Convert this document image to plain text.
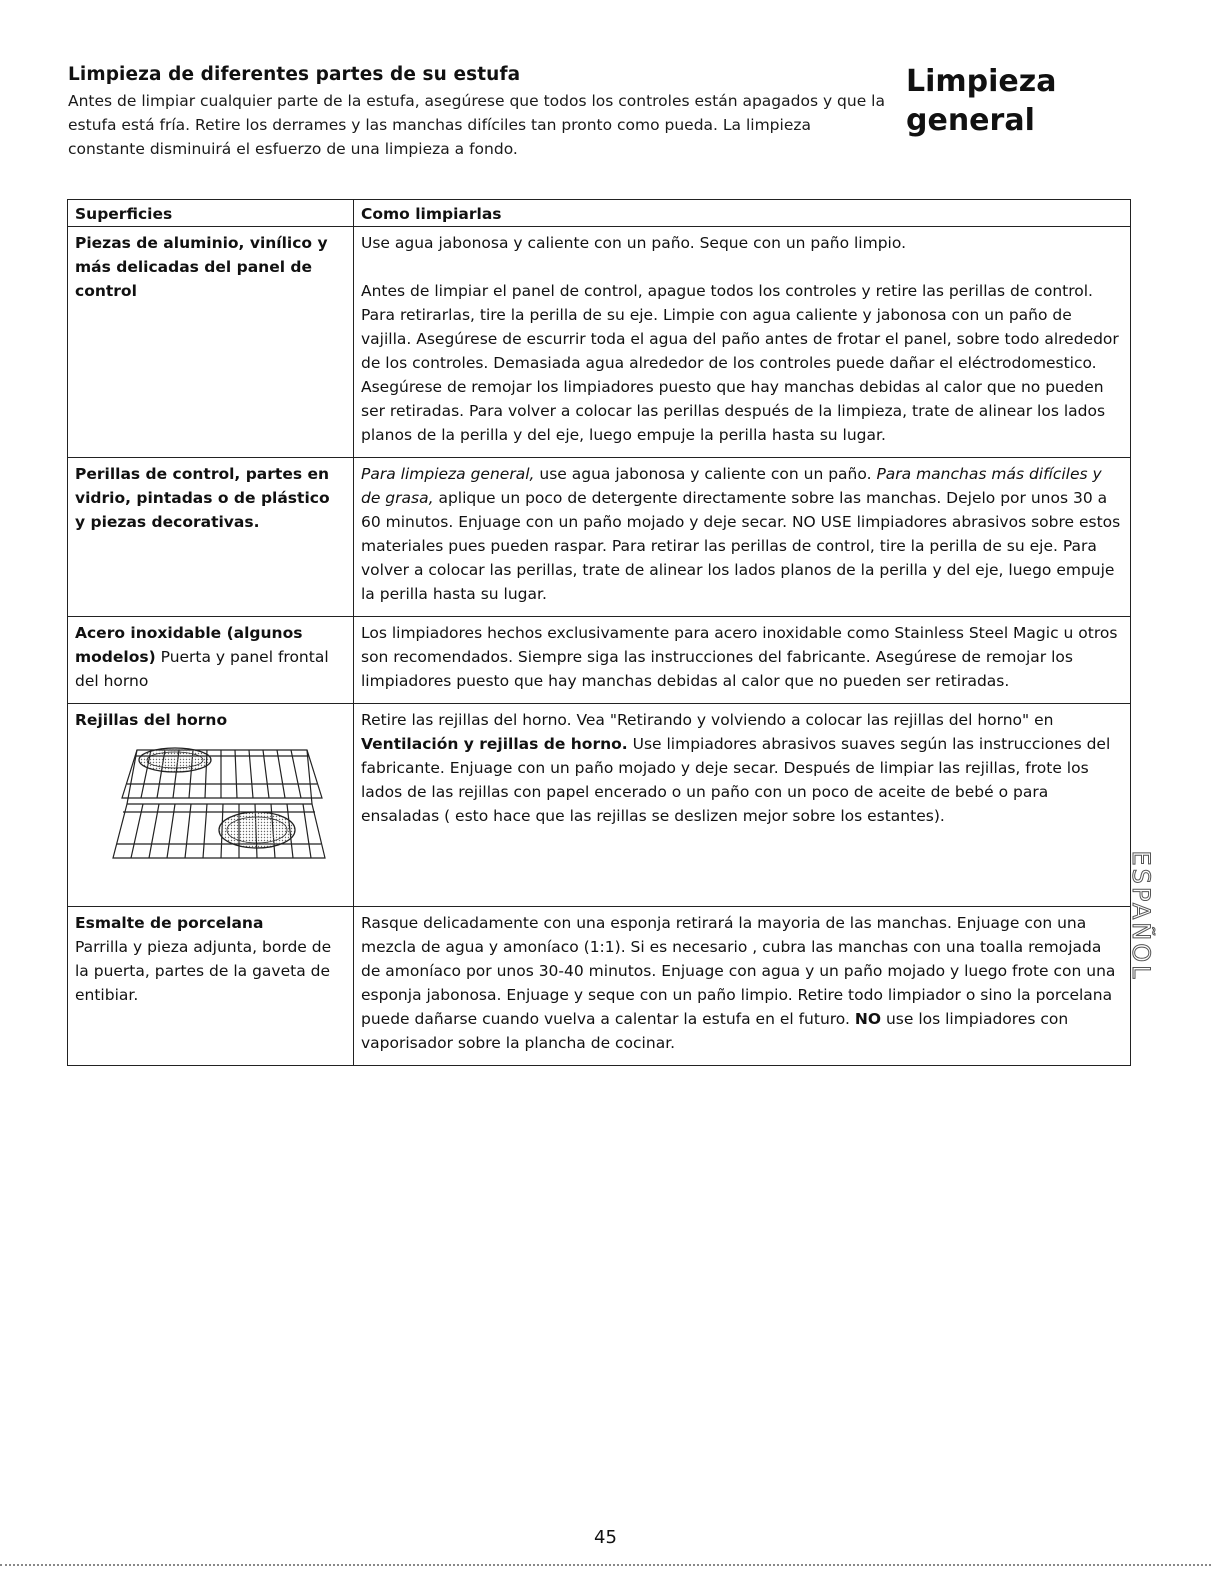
Limpieza de diferentes partes de su estufa

Antes de limpiar cualquier parte de la estufa, asegúrese que todos los controles están apagados y que la estufa está fría. Retire los derrames y las manchas difíciles tan pronto como pueda. La limpieza constante disminuirá el esfuerzo de una limpieza a fondo.

Limpieza
general
Superficies	Como limpiarlas
Piezas de aluminio, vinílico y más delicadas del panel de control	Use agua jabonosa y caliente con un paño. Seque con un paño limpio.

Antes de limpiar el panel de control, apague todos los controles y retire las perillas de control. Para retirarlas, tire la perilla de su eje. Limpie con agua caliente y jabonosa con un paño de vajilla. Asegúrese de escurrir toda el agua del paño antes de frotar el panel, sobre todo alrededor de los controles. Demasiada agua alrededor de los controles puede dañar el eléctrodomestico. Asegúrese de remojar los limpiadores puesto que hay manchas debidas al calor que no pueden ser retiradas. Para volver a colocar las perillas después de la limpieza, trate de alinear los lados planos de la perilla y del eje, luego empuje la perilla hasta su lugar.

Perillas de control, partes en vidrio, pintadas o de plástico y piezas decorativas.	Para limpieza general, use agua jabonosa y caliente con un paño. Para manchas más difíciles y de grasa, aplique un poco de detergente directamente sobre las manchas. Dejelo por unos 30 a 60 minutos. Enjuage con un paño mojado y deje secar. NO USE limpiadores abrasivos sobre estos materiales pues pueden raspar. Para retirar las perillas de control, tire la perilla de su eje. Para volver a colocar las perillas, trate de alinear los lados planos de la perilla y del eje, luego empuje la perilla hasta su lugar.

Acero inoxidable (algunos modelos) Puerta y panel frontal del horno	Los limpiadores hechos exclusivamente para acero inoxidable como Stainless Steel Magic u otros son recomendados. Siempre siga las instrucciones del fabricante. Asegúrese de remojar los limpiadores puesto que hay manchas debidas al calor que no pueden ser retiradas.

Rejillas del horno	Retire las rejillas del horno. Vea "Retirando y volviendo a colocar las rejillas del horno" en Ventilación y rejillas de horno. Use limpiadores abrasivos suaves según las instrucciones del fabricante. Enjuage con un paño mojado y deje secar. Después de limpiar las rejillas, frote los lados de las rejillas con papel encerado o un paño con un poco de aceite de bebé o para ensaladas ( esto hace que las rejillas se deslizen mejor sobre los estantes).

Esmalte de porcelana
Parrilla y pieza adjunta, borde de la puerta, partes de la gaveta de entibiar.	Rasque delicadamente con una esponja retirará la mayoria de las manchas. Enjuage con una mezcla de agua y amoníaco (1:1). Si es necesario , cubra las manchas con una toalla remojada de amoníaco por unos 30-40 minutos. Enjuage con agua y un paño mojado y luego frote con una esponja jabonosa. Enjuage y seque con un paño limpio. Retire todo limpiador o sino la porcelana puede dañarse cuando vuelva a calentar la estufa en el futuro. NO use los limpiadores con vaporisador sobre la plancha de cocinar.

ESPAÑOL
45
